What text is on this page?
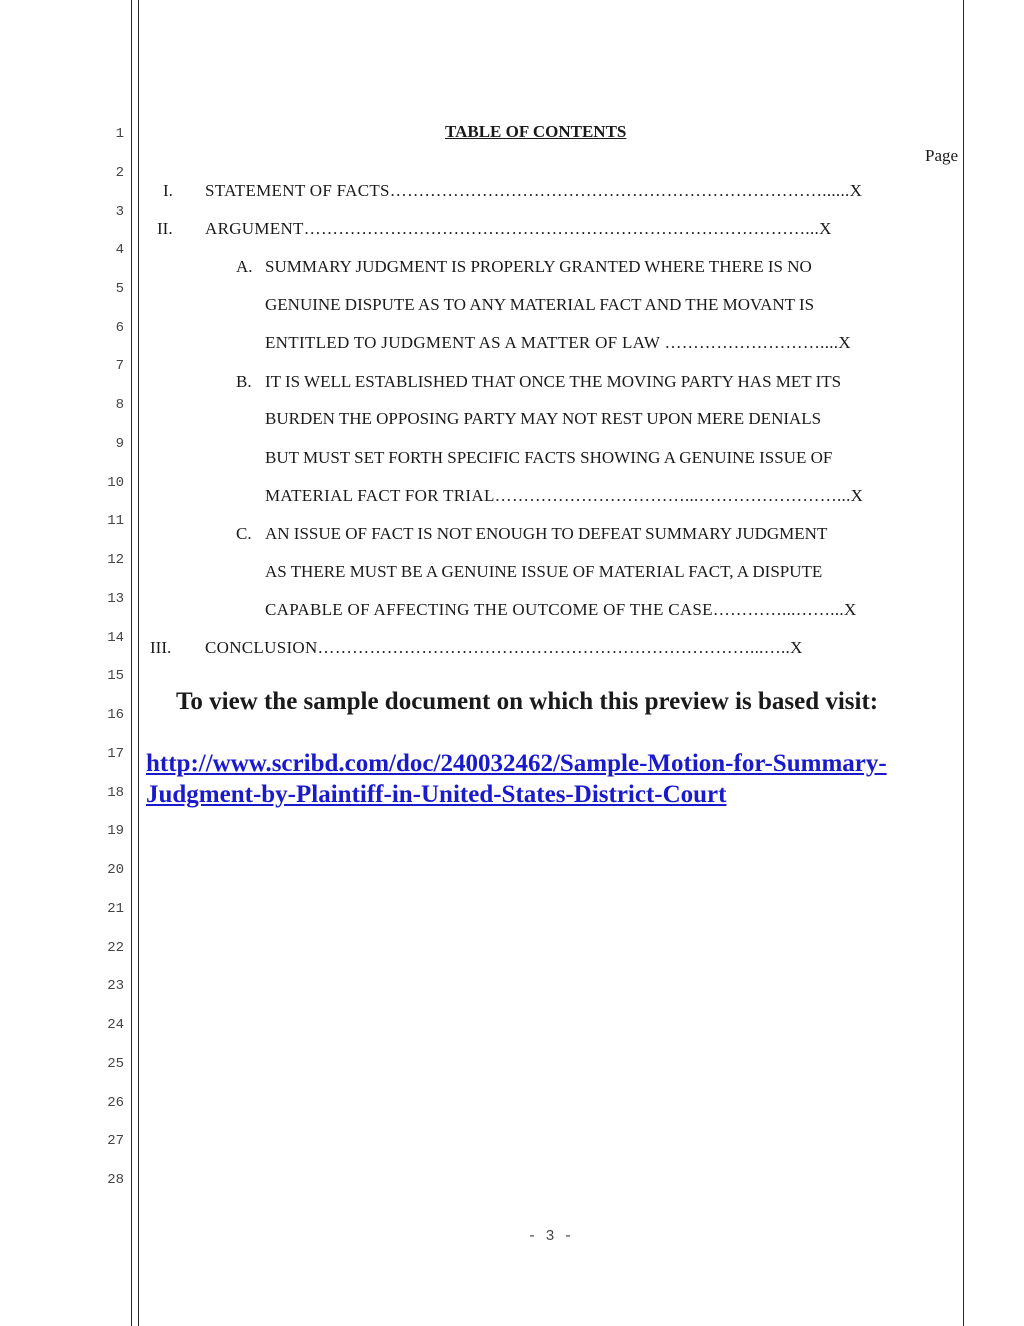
1
2
3
4
5
6
7
8
9
10
11
12
13
14
15
16
17
18
19
20
21
22
23
24
25
26
27
28
TABLE OF CONTENTS
Page
I. STATEMENT OF FACTS…………………………………………………………………......X
II. ARGUMENT……………………………………………………………………………...X
A. SUMMARY JUDGMENT IS PROPERLY GRANTED WHERE THERE IS NO
GENUINE DISPUTE AS TO ANY MATERIAL FACT AND THE MOVANT IS
ENTITLED TO JUDGMENT AS A MATTER OF LAW ………………………....X
B. IT IS WELL ESTABLISHED THAT ONCE THE MOVING PARTY HAS MET ITS
BURDEN THE OPPOSING PARTY MAY NOT REST UPON MERE DENIALS
BUT MUST SET FORTH SPECIFIC FACTS SHOWING A GENUINE ISSUE OF
MATERIAL FACT FOR TRIAL……………………………...……………………...X
C. AN ISSUE OF FACT IS NOT ENOUGH TO DEFEAT SUMMARY JUDGMENT
AS THERE MUST BE A GENUINE ISSUE OF MATERIAL FACT, A DISPUTE
CAPABLE OF AFFECTING THE OUTCOME OF THE CASE…………...……...X
III. CONCLUSION…………………………………………………………………...…..X
To view the sample document on which this preview is based visit:
http://www.scribd.com/doc/240032462/Sample-Motion-for-Summary-
Judgment-by-Plaintiff-in-United-States-District-Court
- 3 -
